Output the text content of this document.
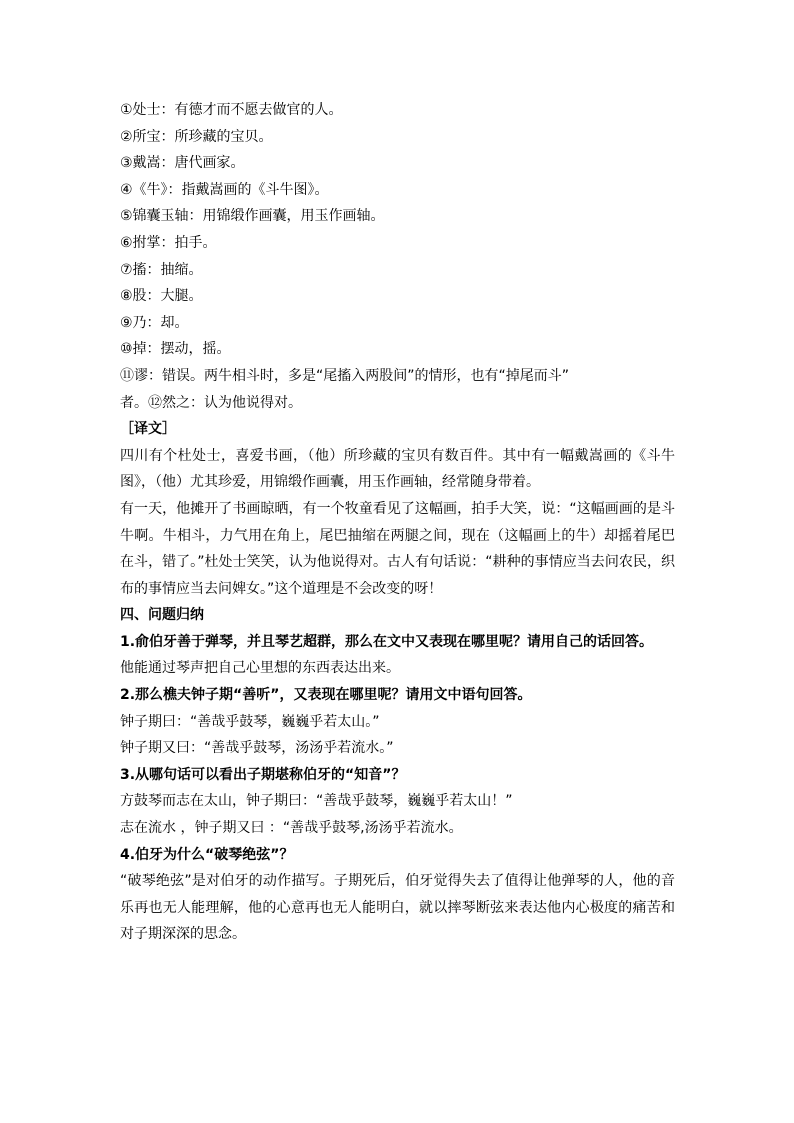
①处士：有德才而不愿去做官的人。

②所宝：所珍藏的宝贝。

③戴嵩：唐代画家。

④《牛》：指戴嵩画的《斗牛图》。

⑤锦囊玉轴：用锦缎作画囊，用玉作画轴。

⑥拊掌：拍手。

⑦搐：抽缩。

⑧股：大腿。

⑨乃：却。

⑩掉：摆动，摇。

⑪谬：错误。两牛相斗时，多是“尾搐入两股间”的情形，也有“掉尾而斗”

者。⑫然之：认为他说得对。

［译文］

四川有个杜处士，喜爱书画，（他）所珍藏的宝贝有数百件。其中有一幅戴嵩画的《斗牛图》，（他）尤其珍爱，用锦缎作画囊，用玉作画轴，经常随身带着。

有一天，他摊开了书画晾晒，有一个牧童看见了这幅画，拍手大笑，说：“这幅画画的是斗牛啊。牛相斗，力气用在角上，尾巴抽缩在两腿之间，现在（这幅画上的牛）却摇着尾巴在斗，错了。”杜处士笑笑，认为他说得对。古人有句话说：“耕种的事情应当去问农民，织布的事情应当去问婢女。”这个道理是不会改变的呀！

四、问题归纳

1.俞伯牙善于弹琴，并且琴艺超群，那么在文中又表现在哪里呢？请用自己的话回答。

他能通过琴声把自己心里想的东西表达出来。

2.那么樵夫钟子期“善听”，又表现在哪里呢？请用文中语句回答。

钟子期曰：“善哉乎鼓琴，巍巍乎若太山。”

钟子期又曰：“善哉乎鼓琴，汤汤乎若流水。”

3.从哪句话可以看出子期堪称伯牙的“知音”？

方鼓琴而志在太山，钟子期曰：“善哉乎鼓琴，巍巍乎若太山！”

志在流水 ，钟子期又曰 ：“善哉乎鼓琴,汤汤乎若流水。

4.伯牙为什么“破琴绝弦”？

“破琴绝弦”是对伯牙的动作描写。子期死后，伯牙觉得失去了值得让他弹琴的人，他的音乐再也无人能理解，他的心意再也无人能明白，就以摔琴断弦来表达他内心极度的痛苦和对子期深深的思念。
